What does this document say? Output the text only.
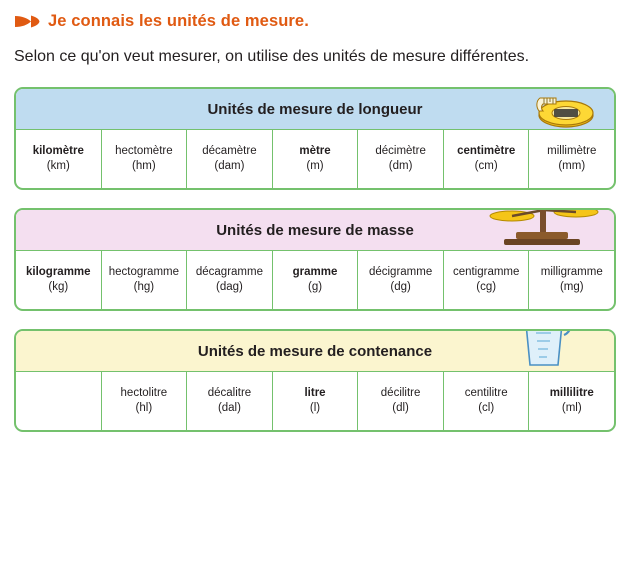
Je connais les unités de mesure.

Selon ce qu'on veut mesurer, on utilise des unités de mesure différentes.

Unités de mesure de longueur
kilomètre
(km)
hectomètre
(hm)
décamètre
(dam)
mètre
(m)
décimètre
(dm)
centimètre
(cm)
millimètre
(mm)
Unités de mesure de masse
kilogramme
(kg)
hectogramme
(hg)
décagramme
(dag)
gramme
(g)
décigramme
(dg)
centigramme
(cg)
milligramme
(mg)
Unités de mesure de contenance
hectolitre
(hl)
décalitre
(dal)
litre
(l)
décilitre
(dl)
centilitre
(cl)
millilitre
(ml)
